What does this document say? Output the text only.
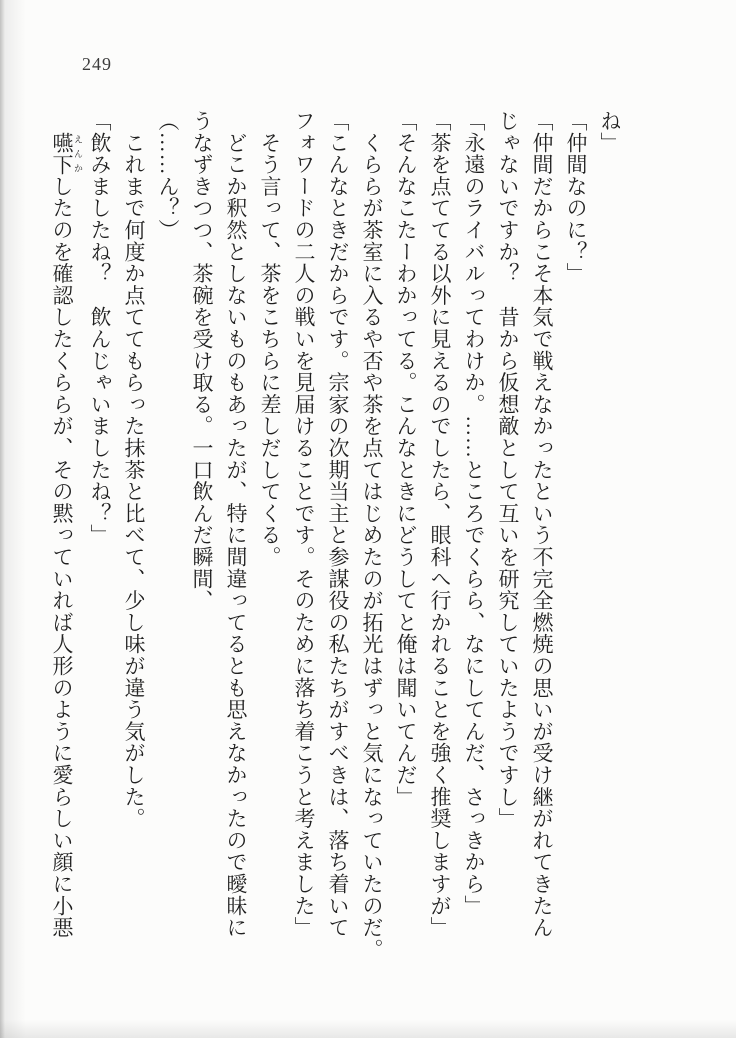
249

ね」

「仲間なのに？」

「仲間だからこそ本気で戦えなかったという不完全燃焼の思いが受け継がれてきたん

じゃないですか？　昔から仮想敵として互いを研究していたようですし」

「永遠のライバルってわけか。……ところでくらら、なにしてんだ、さっきから」

「茶を点ててる以外に見えるのでしたら、眼科へ行かれることを強く推奨しますが」

「そんなこたーわかってる。こんなときにどうしてと俺は聞いてんだ」

　くららが茶室に入るや否や茶を点てはじめたのが拓光はずっと気になっていたのだ。

「こんなときだからです。宗家の次期当主と参謀役の私たちがすべきは、落ち着いて

フォワードの二人の戦いを見届けることです。そのために落ち着こうと考えました」

　そう言って、茶をこちらに差しだしてくる。

　どこか釈然としないものもあったが、特に間違ってるとも思えなかったので曖昧に

うなずきつつ、茶碗を受け取る。一口飲んだ瞬間、

（……ん？）

　これまで何度か点ててもらった抹茶と比べて、少し味が違う気がした。

「飲みましたね？　飲んじゃいましたね？」

　嚥下 えんかしたのを確認したくららが、その黙っていれば人形のように愛らしい顔に小悪
